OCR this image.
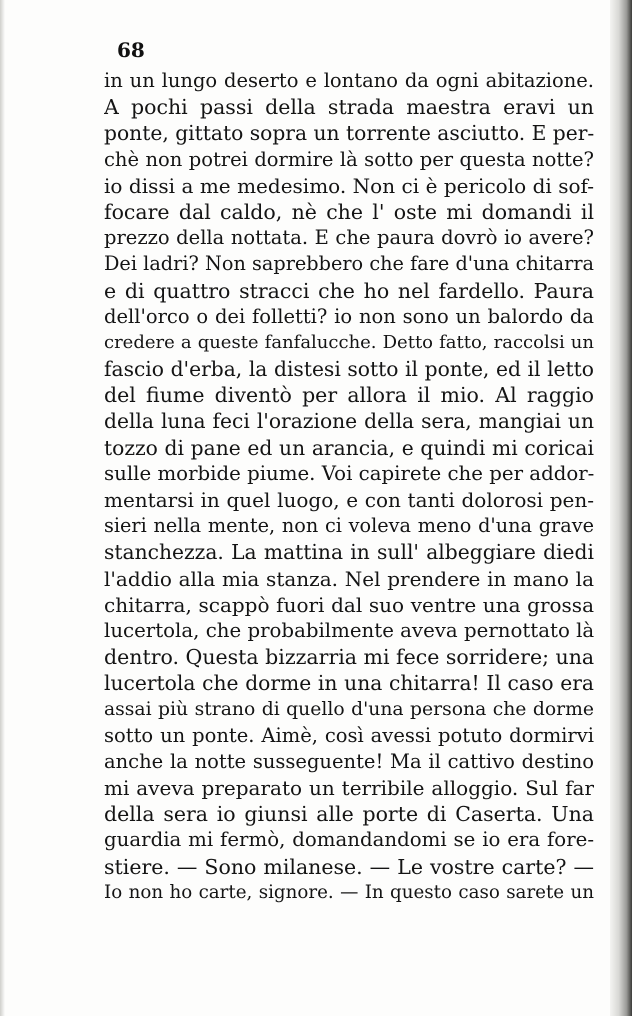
68

in un lungo deserto e lontano da ogni abitazione.
A pochi passi della strada maestra eravi un
ponte, gittato sopra un torrente asciutto. E per-
chè non potrei dormire là sotto per questa notte?
io dissi a me medesimo. Non ci è pericolo di sof-
focare dal caldo, nè che l' oste mi domandi il
prezzo della nottata. E che paura dovrò io avere?
Dei ladri? Non saprebbero che fare d'una chitarra
e di quattro stracci che ho nel fardello. Paura
dell'orco o dei folletti? io non sono un balordo da
credere a queste fanfalucche. Detto fatto, raccolsi un
fascio d'erba, la distesi sotto il ponte, ed il letto
del fiume diventò per allora il mio. Al raggio
della luna feci l'orazione della sera, mangiai un
tozzo di pane ed un arancia, e quindi mi coricai
sulle morbide piume. Voi capirete che per addor-
mentarsi in quel luogo, e con tanti dolorosi pen-
sieri nella mente, non ci voleva meno d'una grave
stanchezza. La mattina in sull' albeggiare diedi
l'addio alla mia stanza. Nel prendere in mano la
chitarra, scappò fuori dal suo ventre una grossa
lucertola, che probabilmente aveva pernottato là
dentro. Questa bizzarria mi fece sorridere; una
lucertola che dorme in una chitarra! Il caso era
assai più strano di quello d'una persona che dorme
sotto un ponte. Aimè, così avessi potuto dormirvi
anche la notte susseguente! Ma il cattivo destino
mi aveva preparato un terribile alloggio. Sul far
della sera io giunsi alle porte di Caserta. Una
guardia mi fermò, domandandomi se io era fore-
stiere. — Sono milanese. — Le vostre carte? —
Io non ho carte, signore. — In questo caso sarete un
